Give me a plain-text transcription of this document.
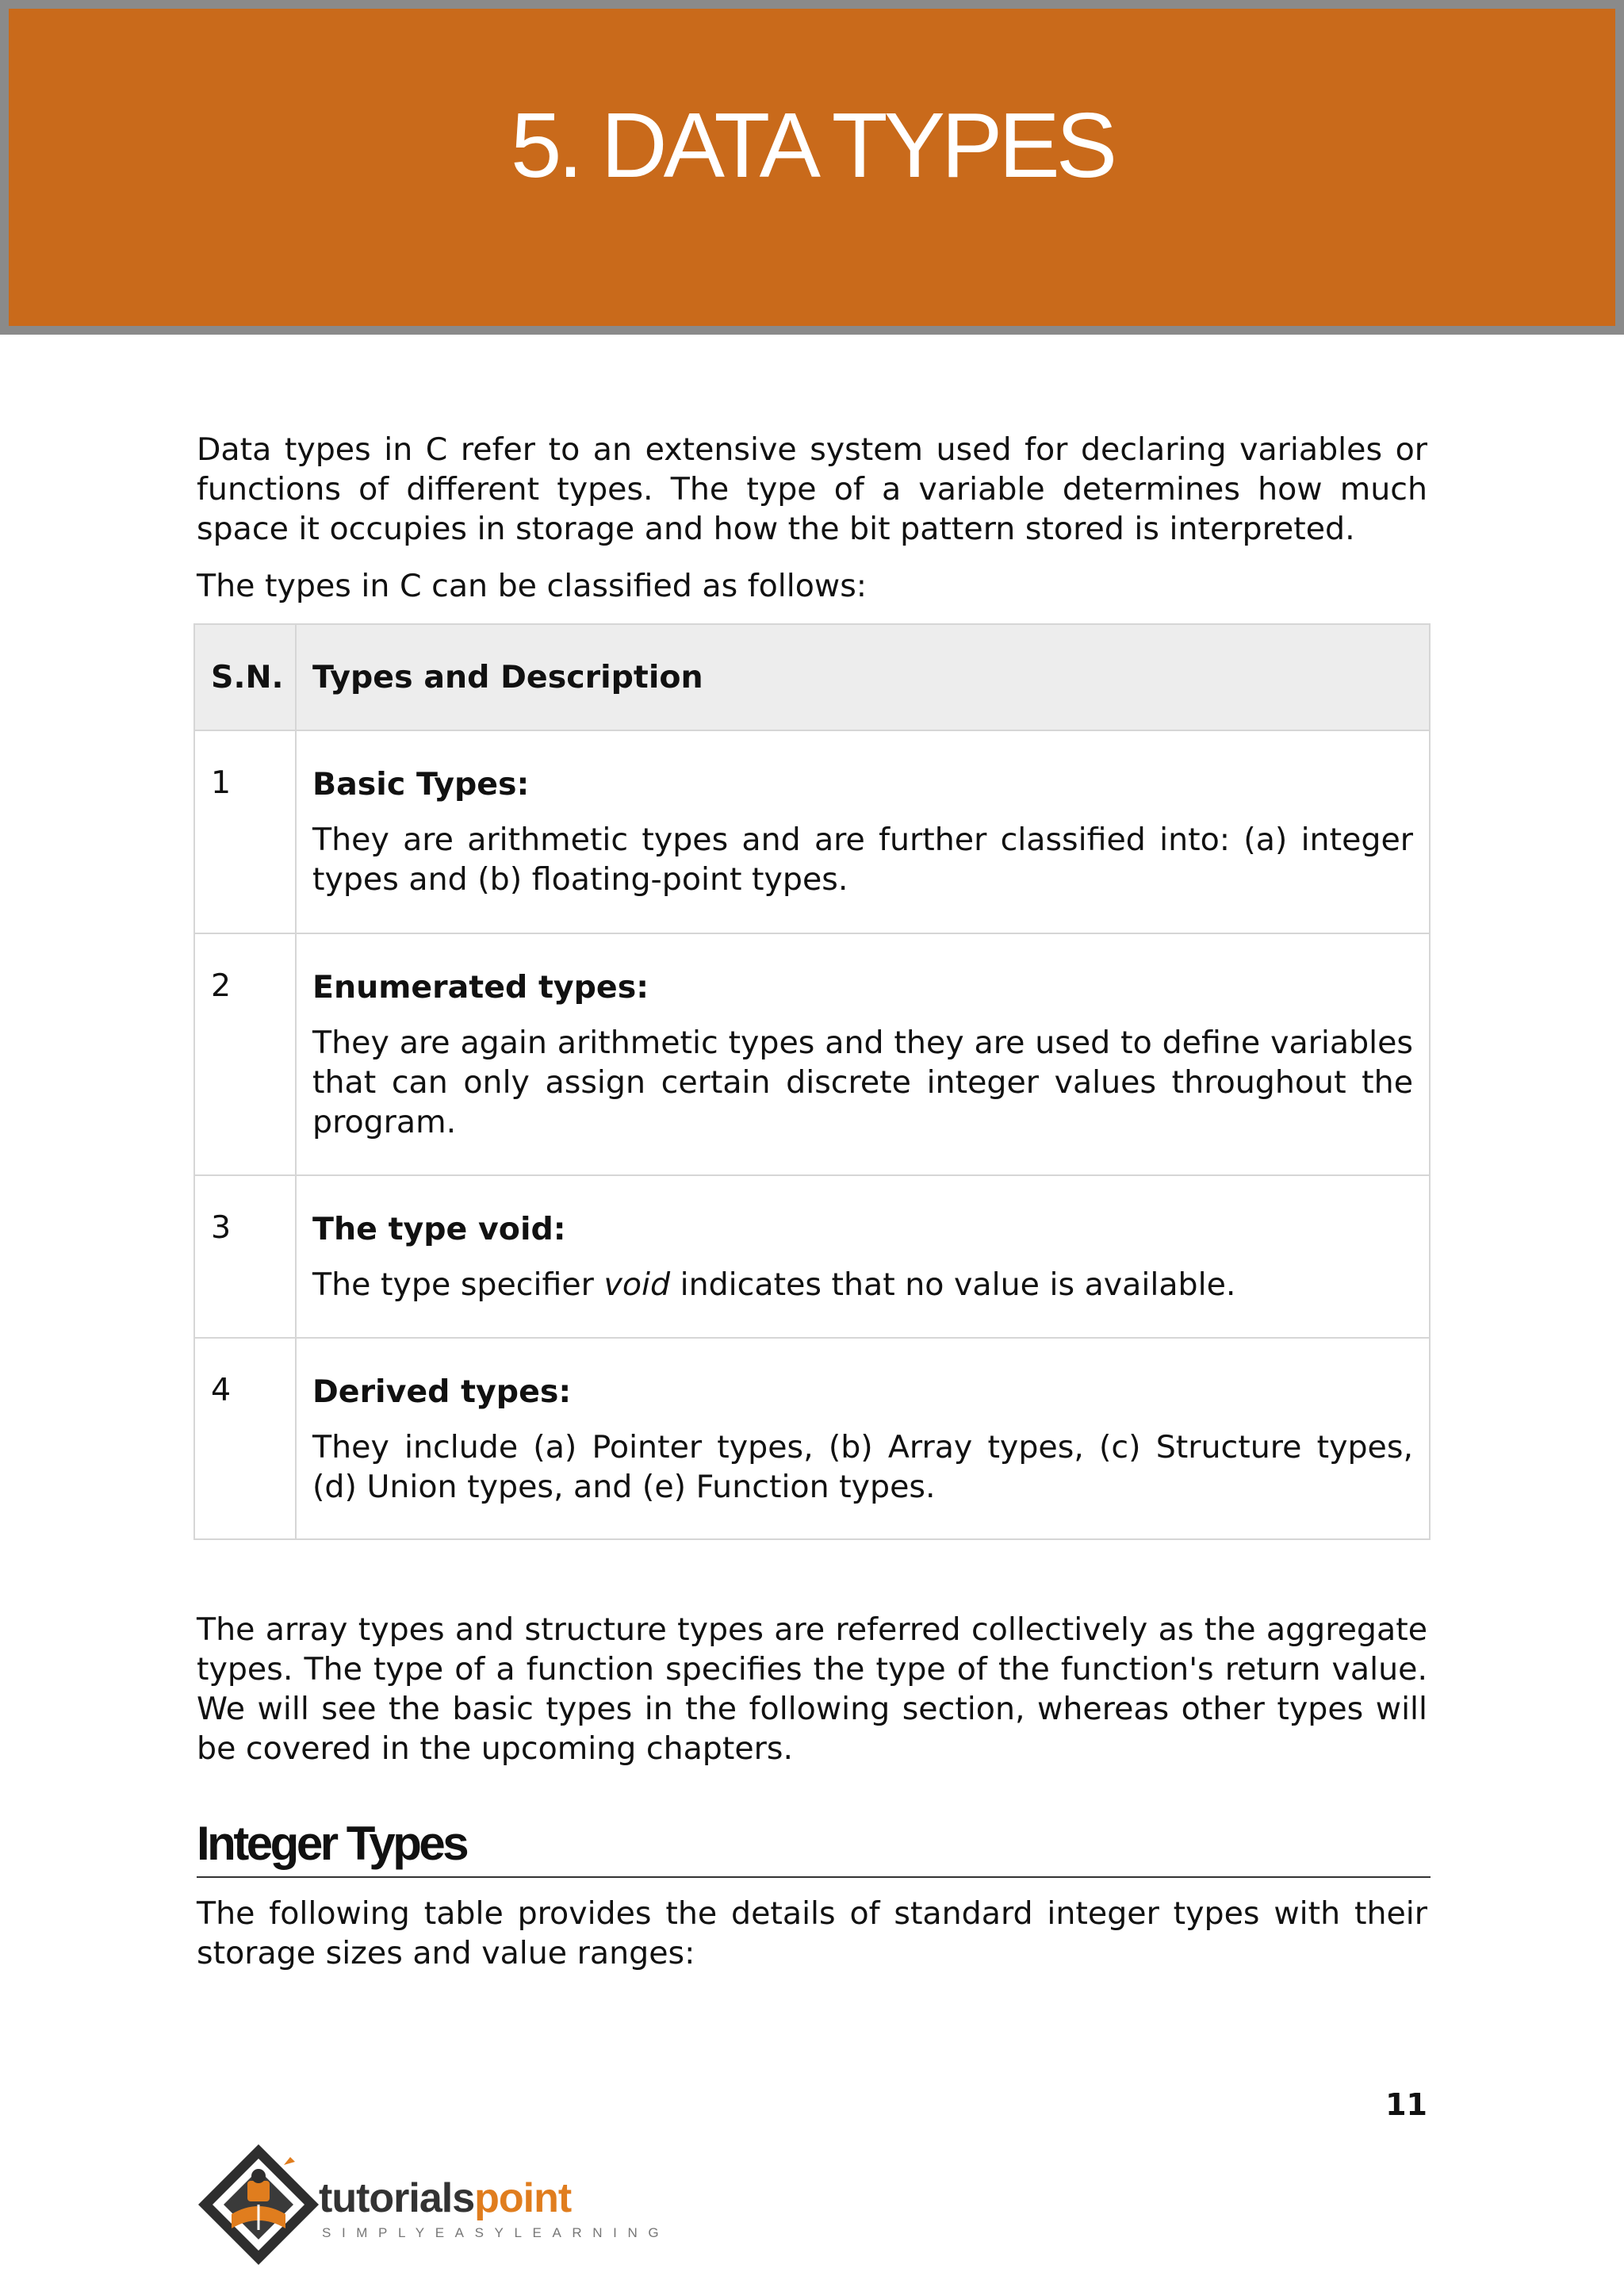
5. DATA TYPES

Data types in C refer to an extensive system used for declaring variables or functions of different types. The type of a variable determines how much space it occupies in storage and how the bit pattern stored is interpreted.

The types in C can be classified as follows:

S.N.	Types and Description
1	Basic Types:
They are arithmetic types and are further classified into: (a) integer types and (b) floating-point types.

2	Enumerated types:
They are again arithmetic types and they are used to define variables that can only assign certain discrete integer values throughout the program.

3	The type void:
The type specifier void indicates that no value is available.

4	Derived types:
They include (a) Pointer types, (b) Array types, (c) Structure types, (d) Union types, and (e) Function types.

The array types and structure types are referred collectively as the aggregate types. The type of a function specifies the type of the function's return value. We will see the basic types in the following section, whereas other types will be covered in the upcoming chapters.

Integer Types

The following table provides the details of standard integer types with their storage sizes and value ranges:

11
tutorialspoint
SIMPLYEASYLEARNING
